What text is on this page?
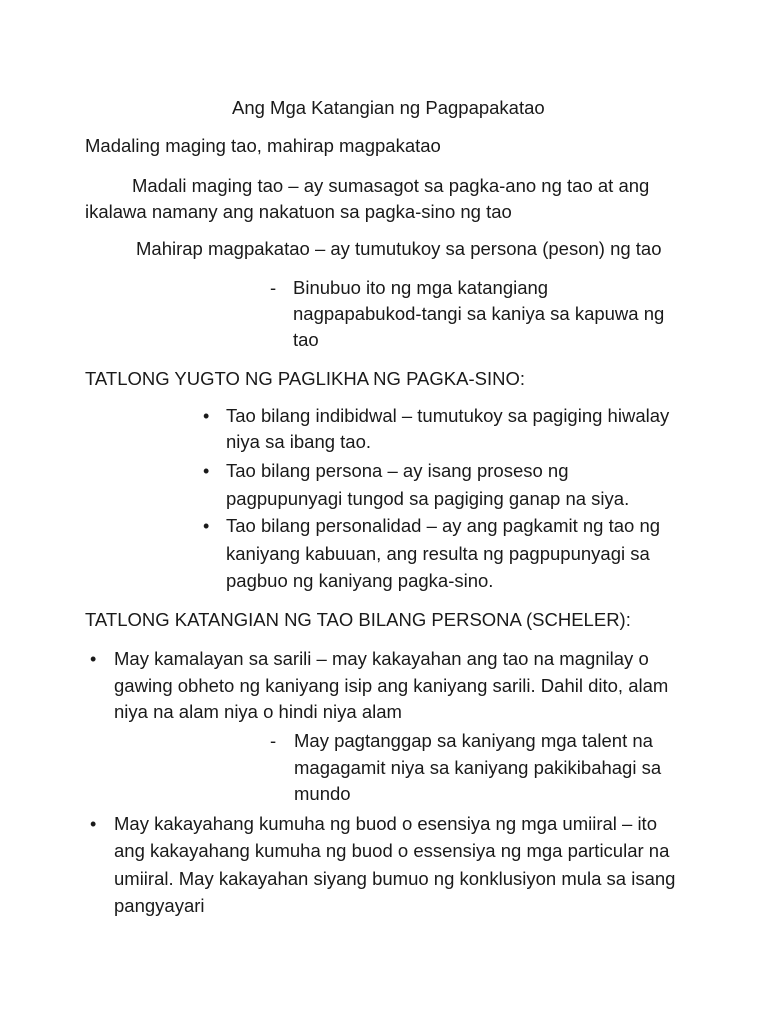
Ang Mga Katangian ng Pagpapakatao
Madaling maging tao, mahirap magpakatao
Madali maging tao – ay sumasagot sa pagka-ano ng tao at ang
ikalawa namany ang nakatuon sa pagka-sino ng tao
Mahirap magpakatao – ay tumutukoy sa persona (peson) ng tao
- Binubuo ito ng mga katangiang
nagpapabukod-tangi sa kaniya sa kapuwa ng
tao
TATLONG YUGTO NG PAGLIKHA NG PAGKA-SINO:
• Tao bilang indibidwal – tumutukoy sa pagiging hiwalay
niya sa ibang tao.
• Tao bilang persona – ay isang proseso ng
pagpupunyagi tungod sa pagiging ganap na siya.
• Tao bilang personalidad – ay ang pagkamit ng tao ng
kaniyang kabuuan, ang resulta ng pagpupunyagi sa
pagbuo ng kaniyang pagka-sino.
TATLONG KATANGIAN NG TAO BILANG PERSONA (SCHELER):
• May kamalayan sa sarili – may kakayahan ang tao na magnilay o
gawing obheto ng kaniyang isip ang kaniyang sarili. Dahil dito, alam
niya na alam niya o hindi niya alam
- May pagtanggap sa kaniyang mga talent na
magagamit niya sa kaniyang pakikibahagi sa
mundo
• May kakayahang kumuha ng buod o esensiya ng mga umiiral – ito
ang kakayahang kumuha ng buod o essensiya ng mga particular na
umiiral. May kakayahan siyang bumuo ng konklusiyon mula sa isang
pangyayari
